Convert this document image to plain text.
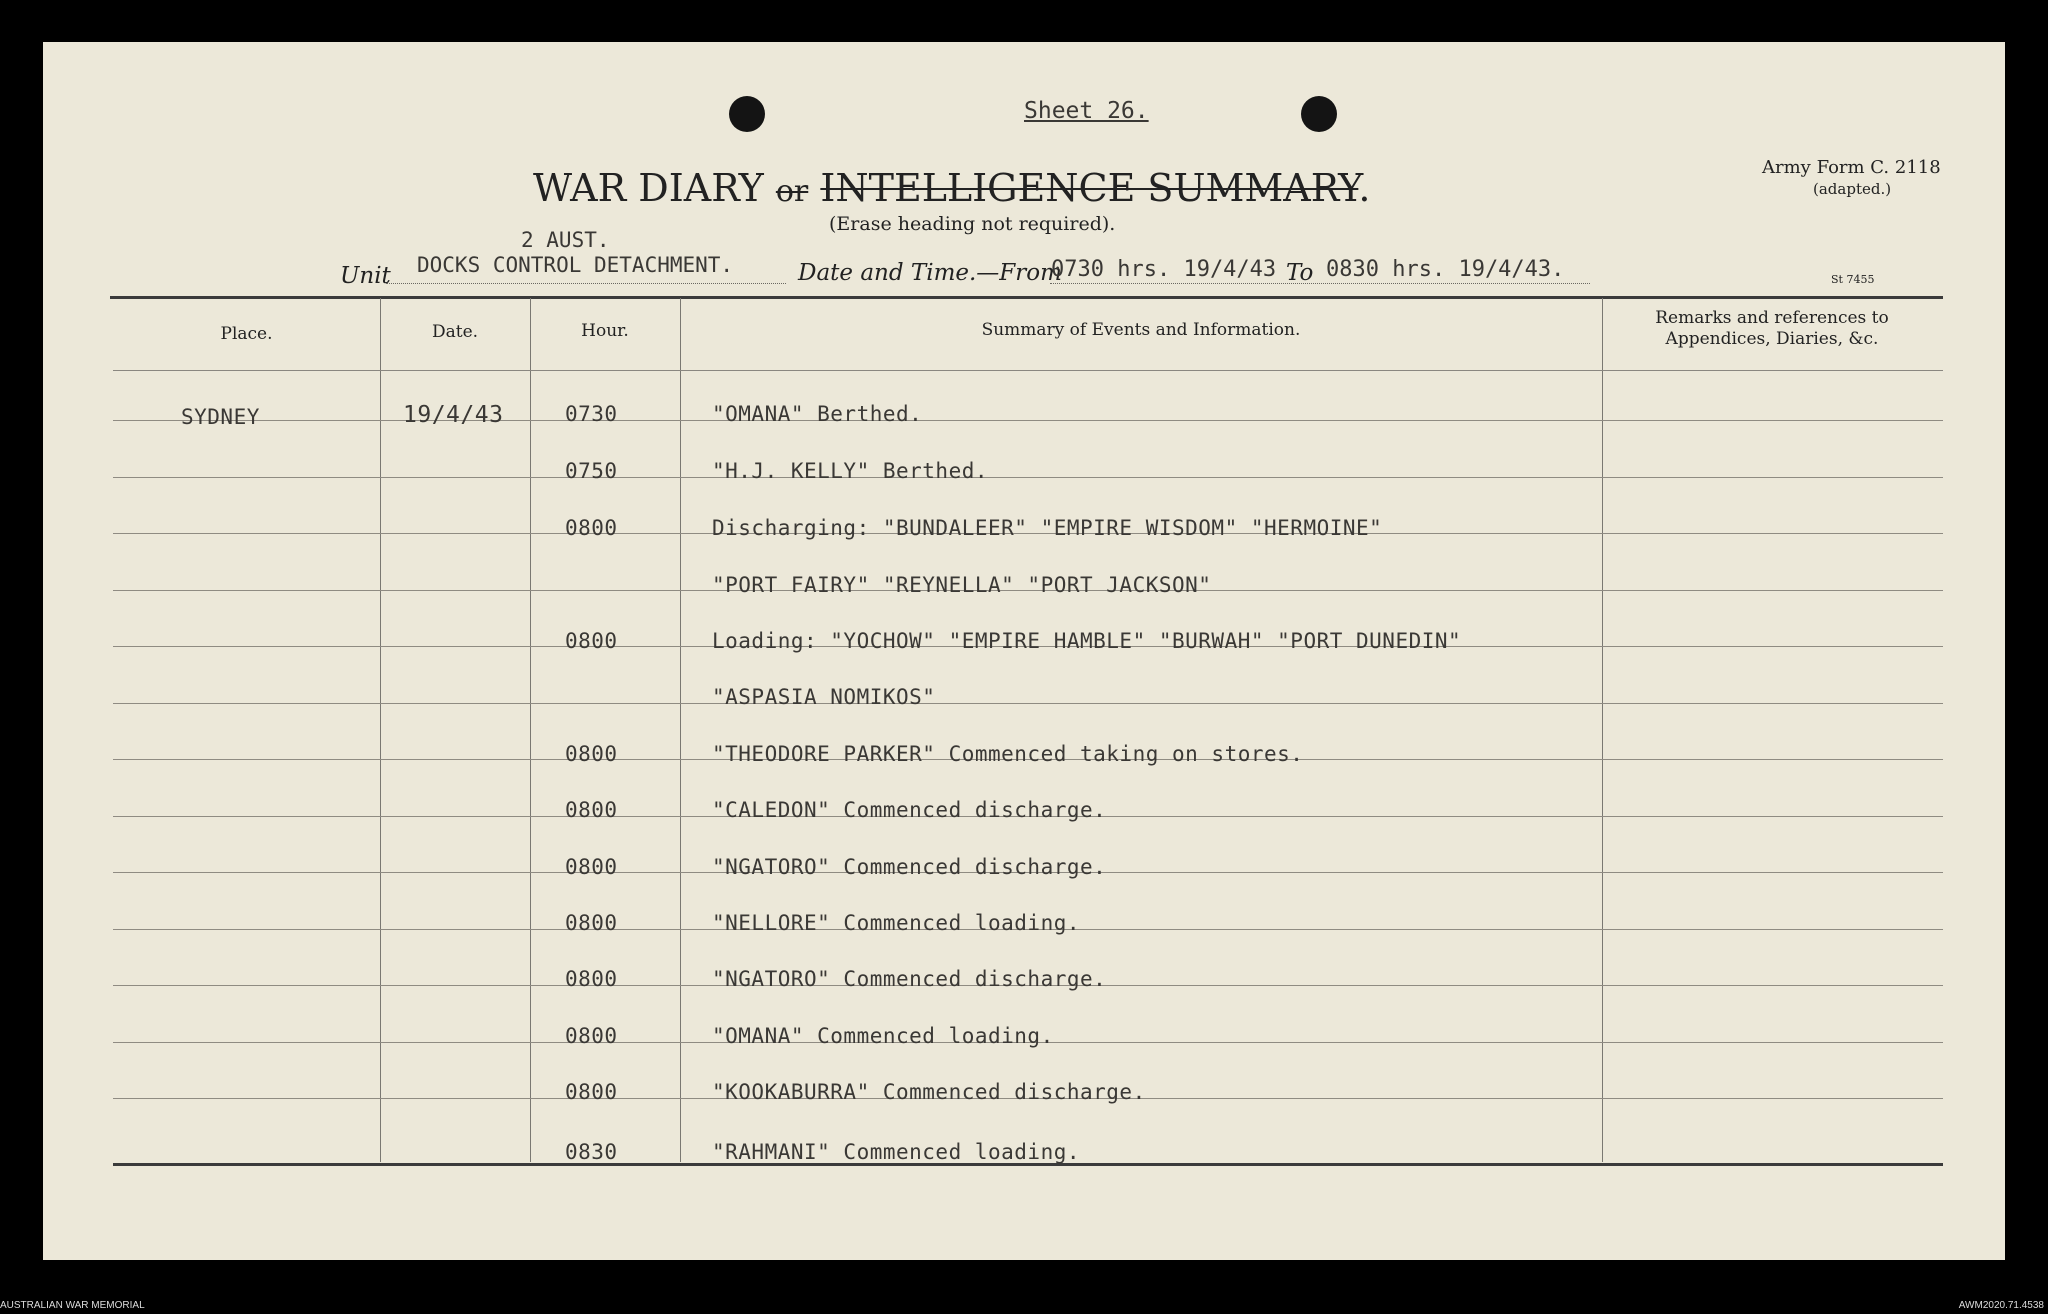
Sheet 26.
Army Form C. 2118
(adapted.)
St 7455
WAR DIARY or INTELLIGENCE SUMMARY.
(Erase heading not required).
2 AUST.
Unit DOCKS CONTROL DETACHMENT.	Date and Time.—From
0730 hrs. 19/4/43 To 0830 hrs. 19/4/43.
Place.	Date.	Hour.	Summary of Events and Information.
Remarks and references to Appendices, Diaries, &c.
SYDNEY	19/4/43	0730	"OMANA" Berthed.
0750	"H.J. KELLY" Berthed.
0800	Discharging: "BUNDALEER" "EMPIRE WISDOM" "HERMOINE"
"PORT FAIRY" "REYNELLA" "PORT JACKSON"
0800	Loading: "YOCHOW" "EMPIRE HAMBLE" "BURWAH" "PORT DUNEDIN"
"ASPASIA NOMIKOS"
0800	"THEODORE PARKER" Commenced taking on stores.
0800	"CALEDON" Commenced discharge.
0800	"NGATORO" Commenced discharge.
0800	"NELLORE" Commenced loading.
0800	"NGATORO" Commenced discharge.
0800	"OMANA" Commenced loading.
0800	"KOOKABURRA" Commenced discharge.
0830	"RAHMANI" Commenced loading.
AUSTRALIAN WAR MEMORIAL	AWM2020.71.4538
